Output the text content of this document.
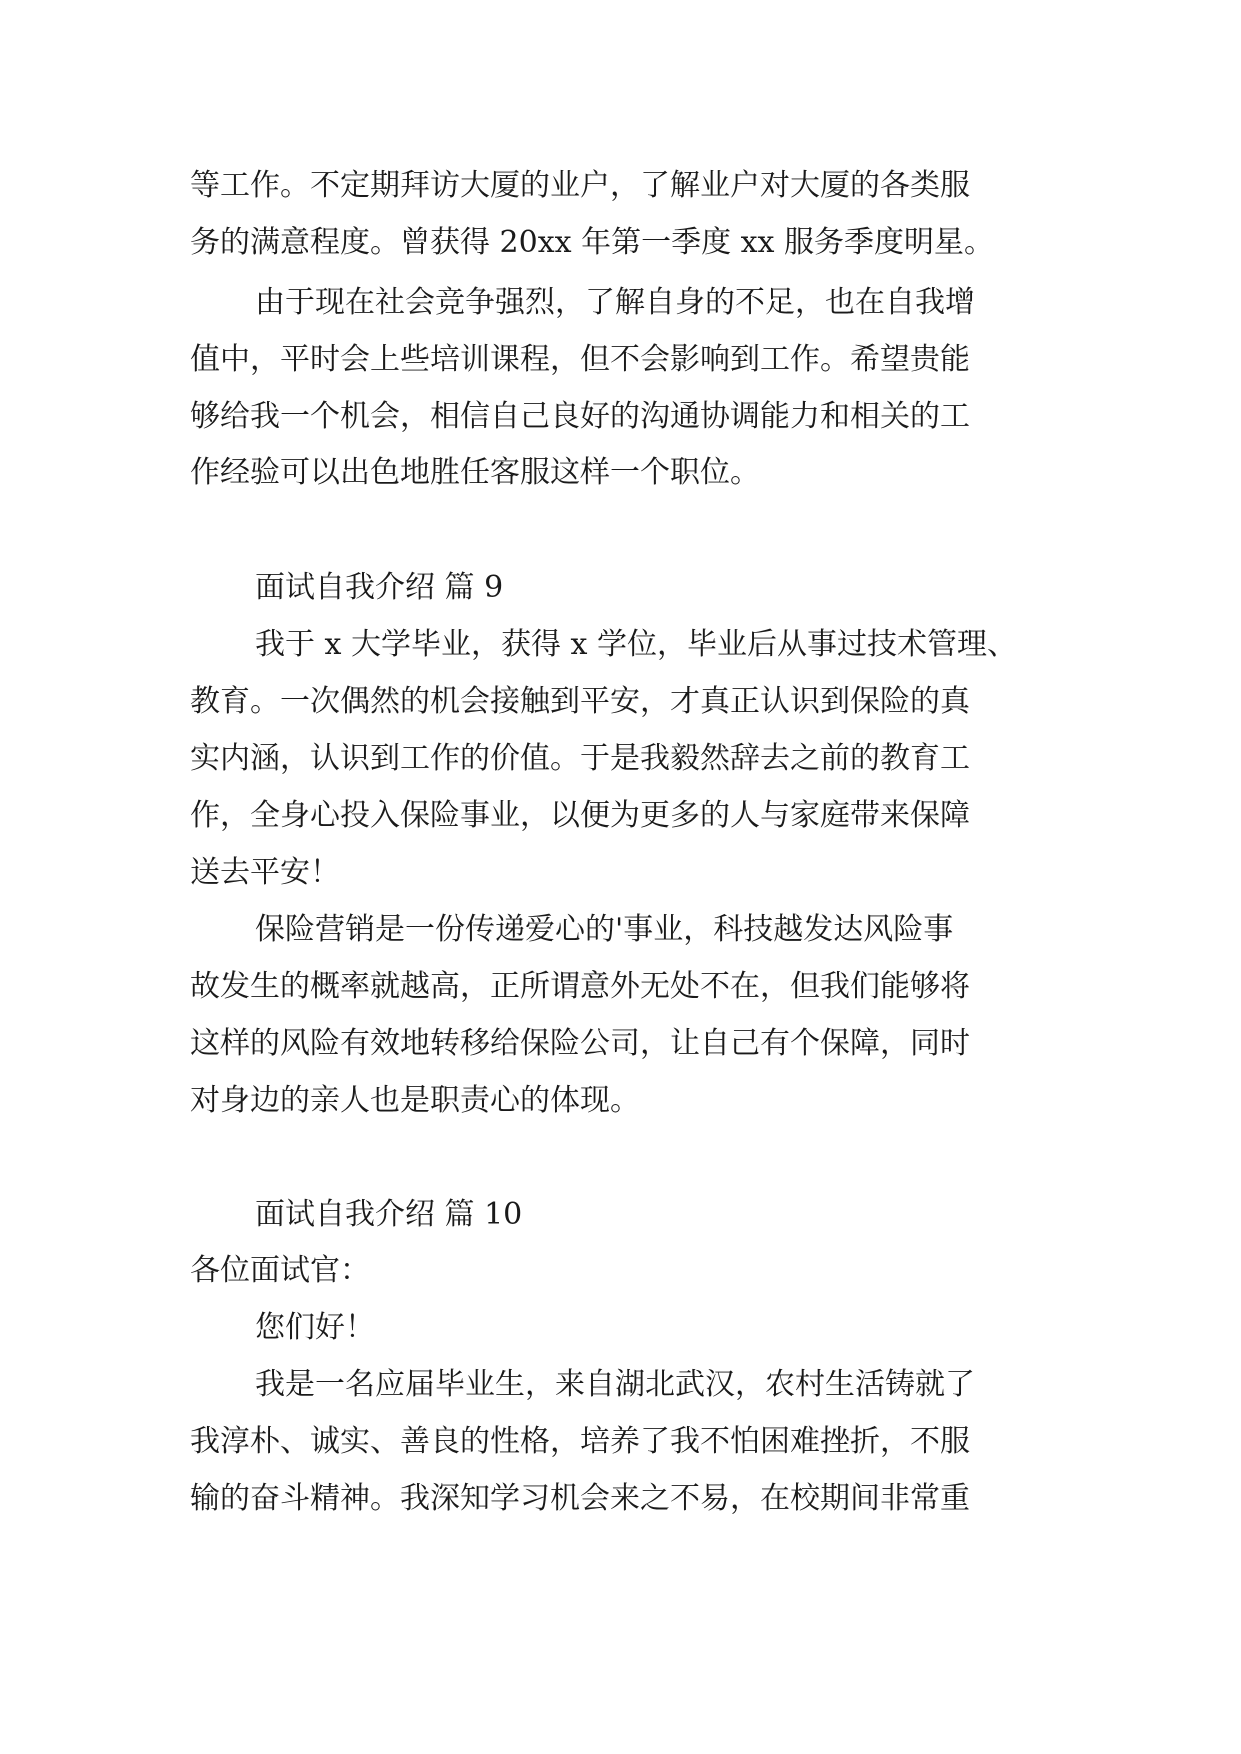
等工作。不定期拜访大厦的业户，了解业户对大厦的各类服
务的满意程度。曾获得 20xx 年第一季度 xx 服务季度明星。
由于现在社会竞争强烈，了解自身的不足，也在自我增
值中，平时会上些培训课程，但不会影响到工作。希望贵能
够给我一个机会，相信自己良好的沟通协调能力和相关的工
作经验可以出色地胜任客服这样一个职位。
面试自我介绍 篇 9
我于 x 大学毕业，获得 x 学位，毕业后从事过技术管理、
教育。一次偶然的机会接触到平安，才真正认识到保险的真
实内涵，认识到工作的价值。于是我毅然辞去之前的教育工
作，全身心投入保险事业，以便为更多的人与家庭带来保障
送去平安！
保险营销是一份传递爱心的'事业，科技越发达风险事
故发生的概率就越高，正所谓意外无处不在，但我们能够将
这样的风险有效地转移给保险公司，让自己有个保障，同时
对身边的亲人也是职责心的体现。
面试自我介绍 篇 10
各位面试官：
您们好！
我是一名应届毕业生，来自湖北武汉，农村生活铸就了
我淳朴、诚实、善良的性格，培养了我不怕困难挫折，不服
输的奋斗精神。我深知学习机会来之不易，在校期间非常重
